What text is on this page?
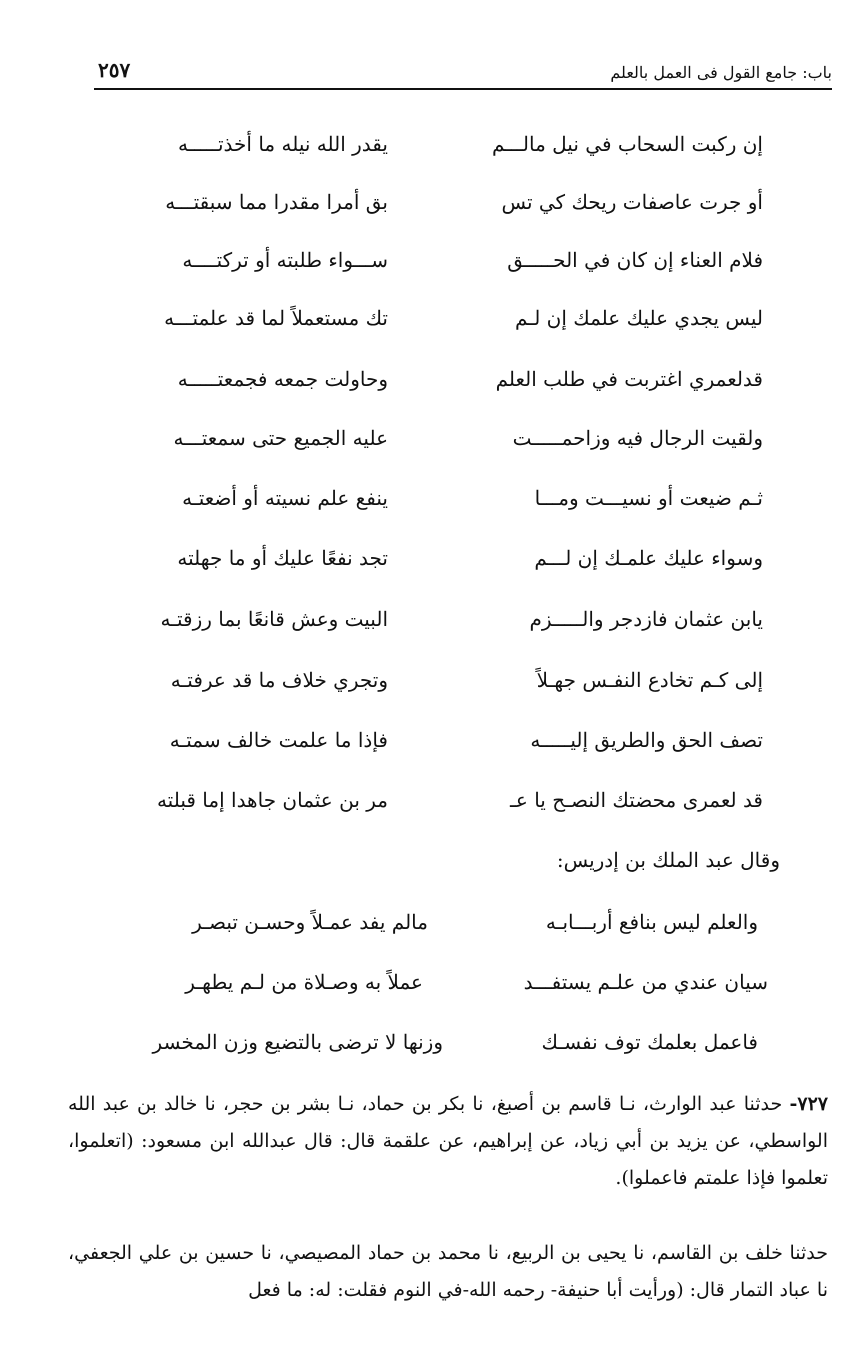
باب: جامع القول فى العمل بالعلم
٢٥٧
إن ركبت السحاب في نيل مالـــم
يقدر الله نيله ما أخذتـــــه
أو جرت عاصفات ريحك كي تس
بق أمرا مقدرا مما سبقتـــه
فلام العناء إن كان في الحـــــق
ســـواء طلبته أو تركتــــه
ليس يجدي عليك علمك إن لـم
تك مستعملاً لما قد علمتـــه
قدلعمري اغتربت في طلب العلم
وحاولت جمعه فجمعتـــــه
ولقيت الرجال فيه وزاحمـــــت
عليه الجميع حتى سمعتـــه
ثـم ضيعت أو نسيـــت ومـــا
ينفع علم نسيته أو أضعتـه
وسواء عليك علمـك إن لـــم
تجد نفعًا عليك أو ما جهلته
يابن عثمان فازدجر والـــــزم
البيت وعش قانعًا بما رزقتـه
إلى كـم تخادع النفـس جهـلاً
وتجري خلاف ما قد عرفتـه
تصف الحق والطريق إليـــــه
فإذا ما علمت خالف سمتـه
قد لعمرى محضتك النصـح يا عـ
مر بن عثمان جاهدا إما قبلته
وقال عبد الملك بن إدريس:
والعلم ليس بنافع أربـــابـه
مالم يفد عمـلاً وحسـن تبصـر
سيان عندي من علـم يستفـــد
عملاً به وصـلاة من لـم يطهـر
فاعمل بعلمك توف نفسـك
وزنها لا ترضى بالتضيع وزن المخسر
٧٢٧- حدثنا عبد الوارث، نـا قاسم بن أصبغ، نا بكر بن حماد، نـا بشر بن حجر، نا خالد بن عبد الله الواسطي، عن يزيد بن أبي زياد، عن إبراهيم، عن علقمة قال: قال عبدالله ابن مسعود: (اتعلموا، تعلموا فإذا علمتم فاعملوا).
حدثنا خلف بن القاسم، نا يحيى بن الربيع، نا محمد بن حماد المصيصي، نا حسين بن علي الجعفي، نا عباد التمار قال: (ورأيت أبا حنيفة- رحمه الله-في النوم فقلت: له: ما فعل
